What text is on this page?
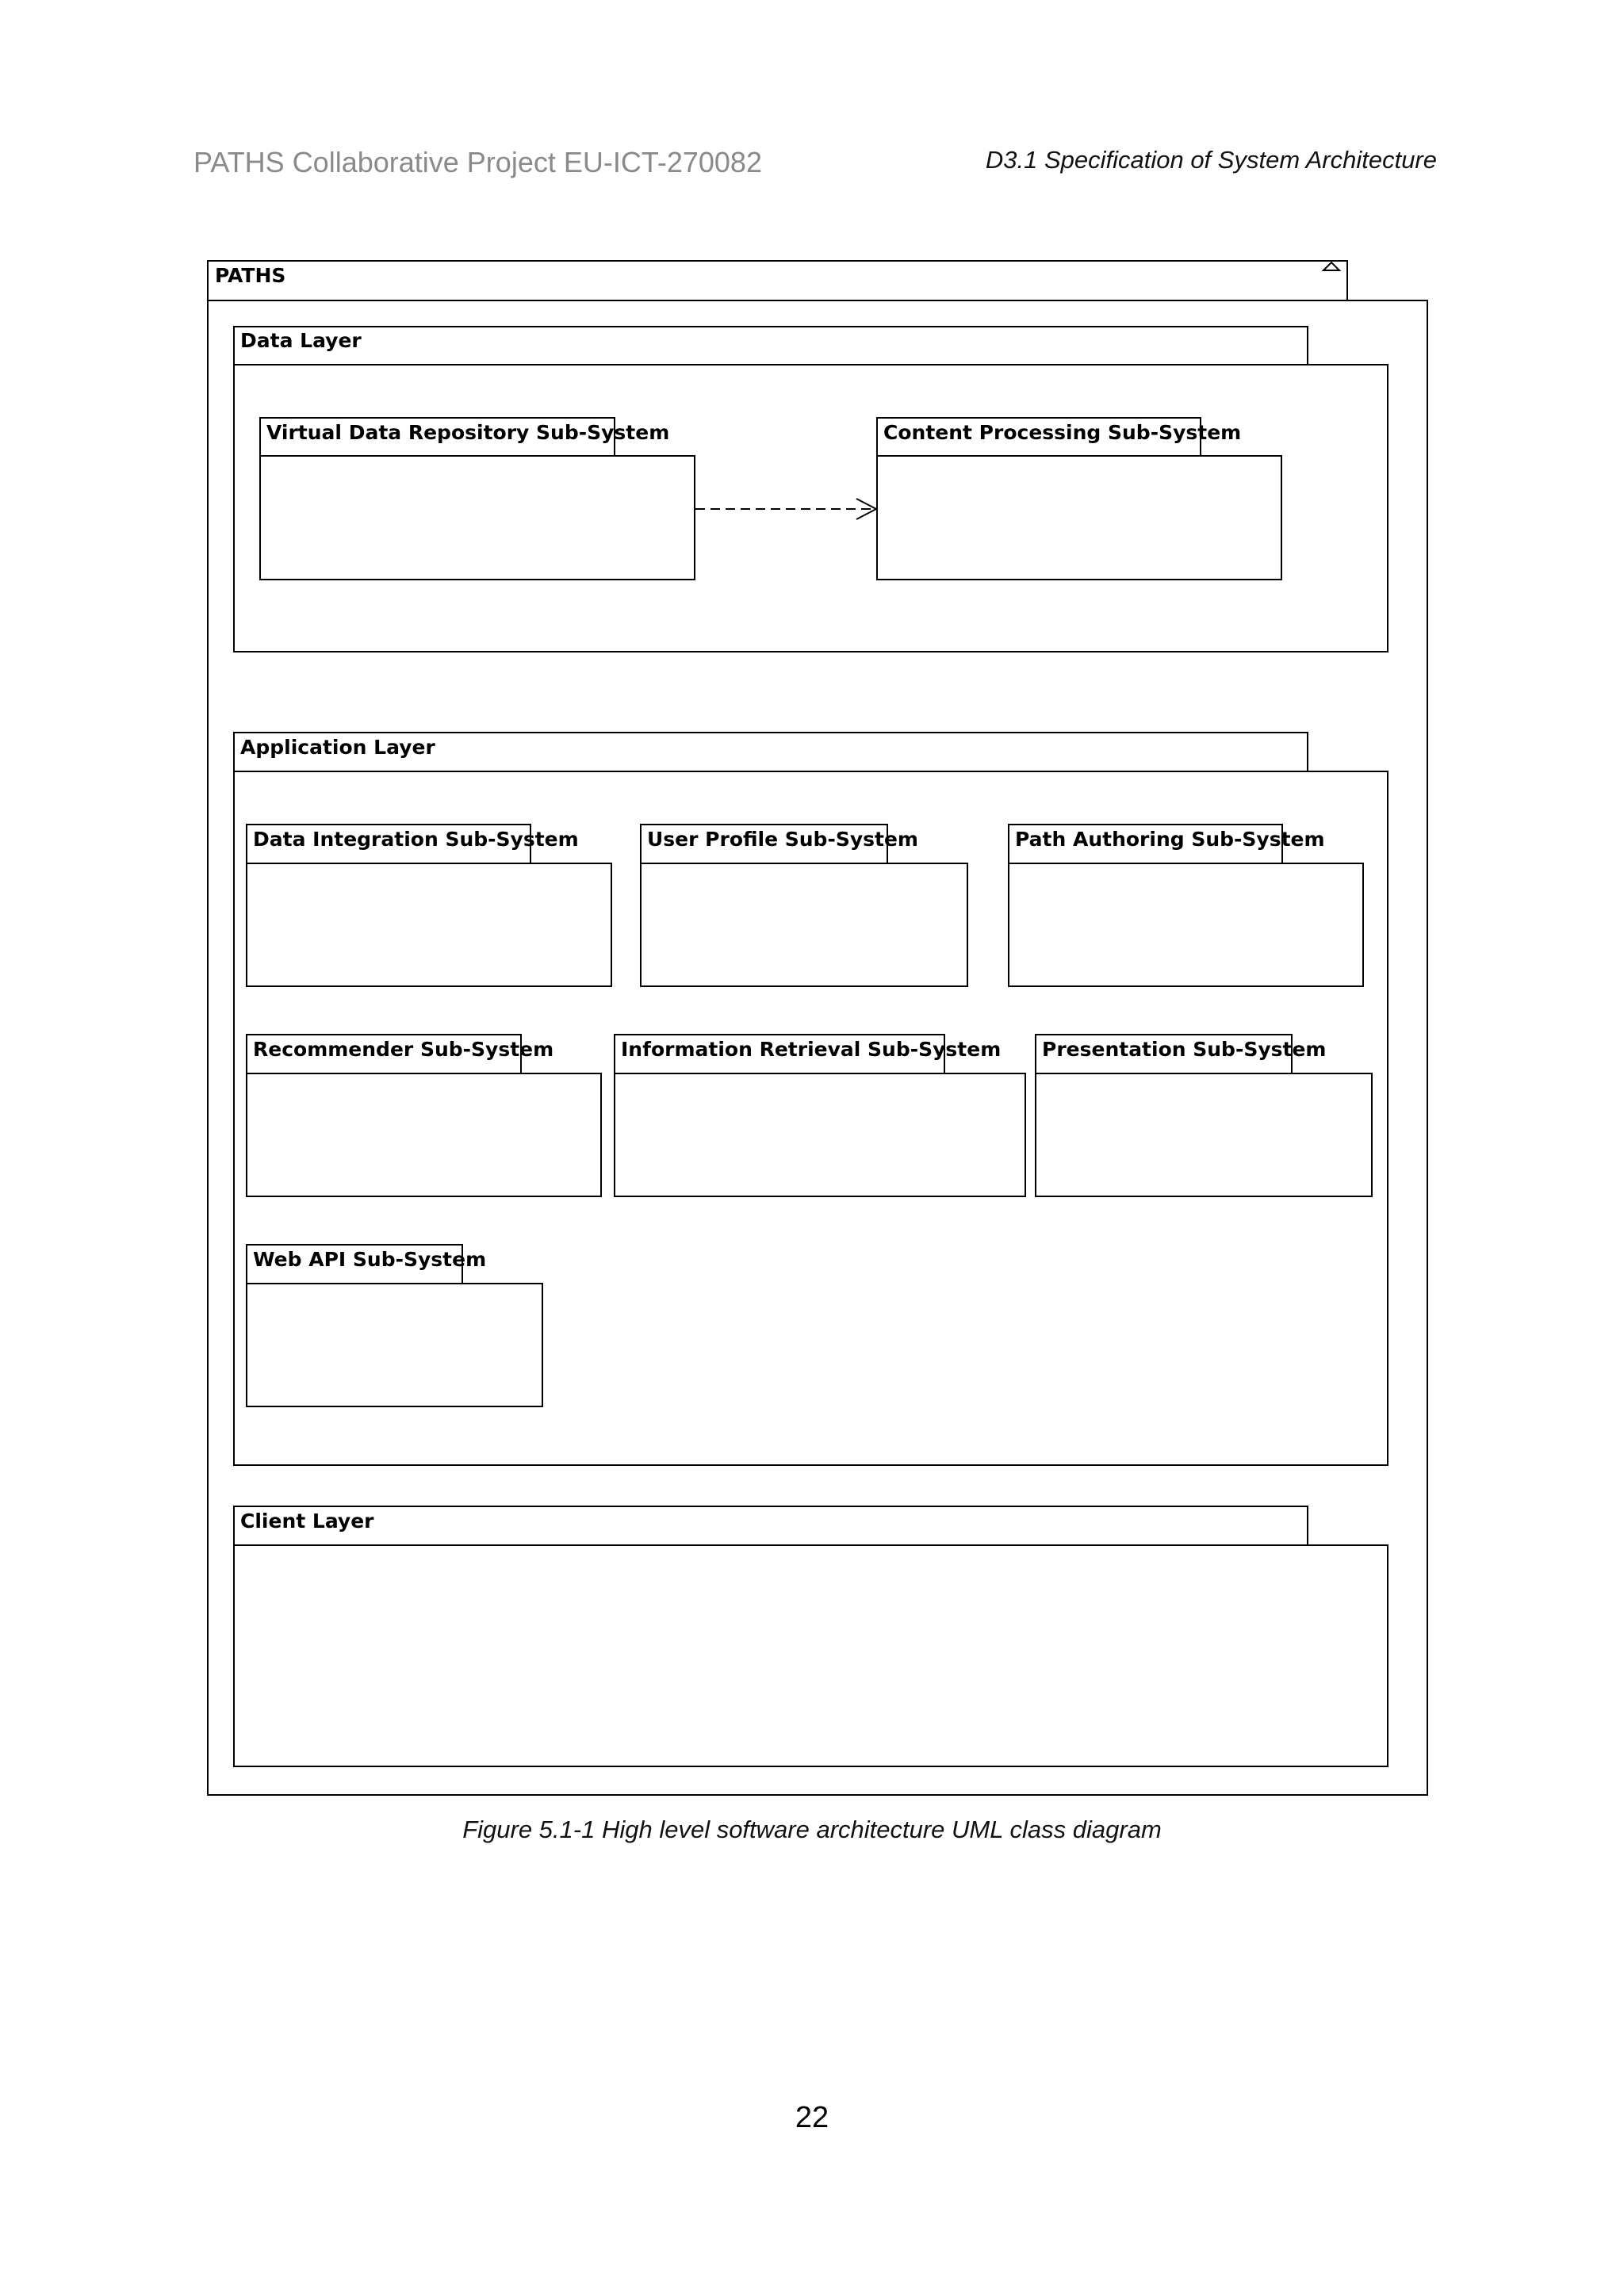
PATHS Collaborative Project EU-ICT-270082	D3.1 Specification of System Architecture
PATHS
Data Layer
Virtual Data Repository Sub-System	Content Processing Sub-System
Application Layer
Data Integration Sub-System	User Profile Sub-System	Path Authoring Sub-System
Recommender Sub-System	Information Retrieval Sub-System Presentation Sub-System
Web API Sub-System
Client Layer
Figure 5.1-1 High level software architecture UML class diagram
22
